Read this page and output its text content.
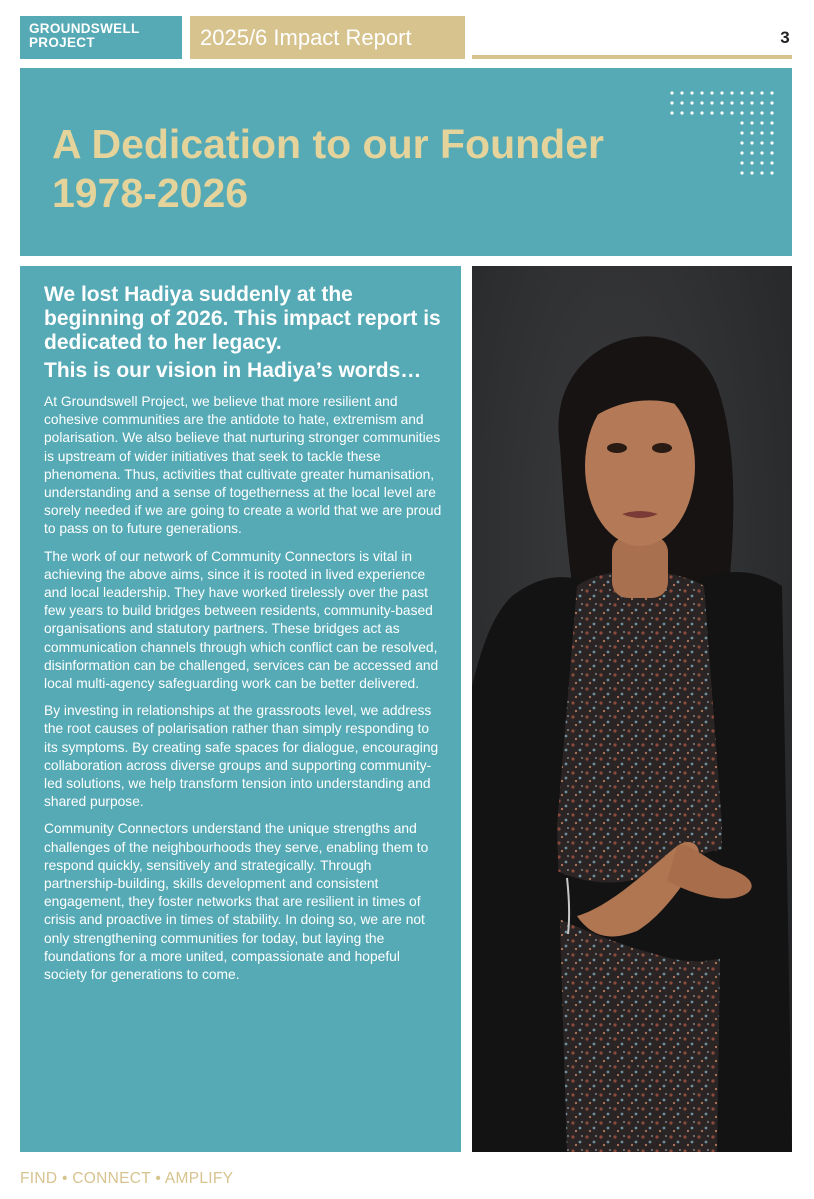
GROUNDSWELL
PROJECT	2025/6 Impact Report	3
A Dedication to our Founder
1978-2026

We lost Hadiya suddenly at the beginning of 2026. This impact report is dedicated to her legacy.

This is our vision in Hadiya’s words…

At Groundswell Project, we believe that more resilient and cohesive communities are the antidote to hate, extremism and polarisation. We also believe that nurturing stronger communities is upstream of wider initiatives that seek to tackle these phenomena. Thus, activities that cultivate greater humanisation, understanding and a sense of togetherness at the local level are sorely needed if we are going to create a world that we are proud to pass on to future generations.

The work of our network of Community Connectors is vital in achieving the above aims, since it is rooted in lived experience and local leadership. They have worked tirelessly over the past few years to build bridges between residents, community-based organisations and statutory partners. These bridges act as communication channels through which conflict can be resolved, disinformation can be challenged, services can be accessed and local multi-agency safeguarding work can be better delivered.

By investing in relationships at the grassroots level, we address the root causes of polarisation rather than simply responding to its symptoms. By creating safe spaces for dialogue, encouraging collaboration across diverse groups and supporting community-led solutions, we help transform tension into understanding and shared purpose.

Community Connectors understand the unique strengths and challenges of the neighbourhoods they serve, enabling them to respond quickly, sensitively and strategically. Through partnership-building, skills development and consistent engagement, they foster networks that are resilient in times of crisis and proactive in times of stability. In doing so, we are not only strengthening communities for today, but laying the foundations for a more united, compassionate and hopeful society for generations to come.

FIND • CONNECT • AMPLIFY
